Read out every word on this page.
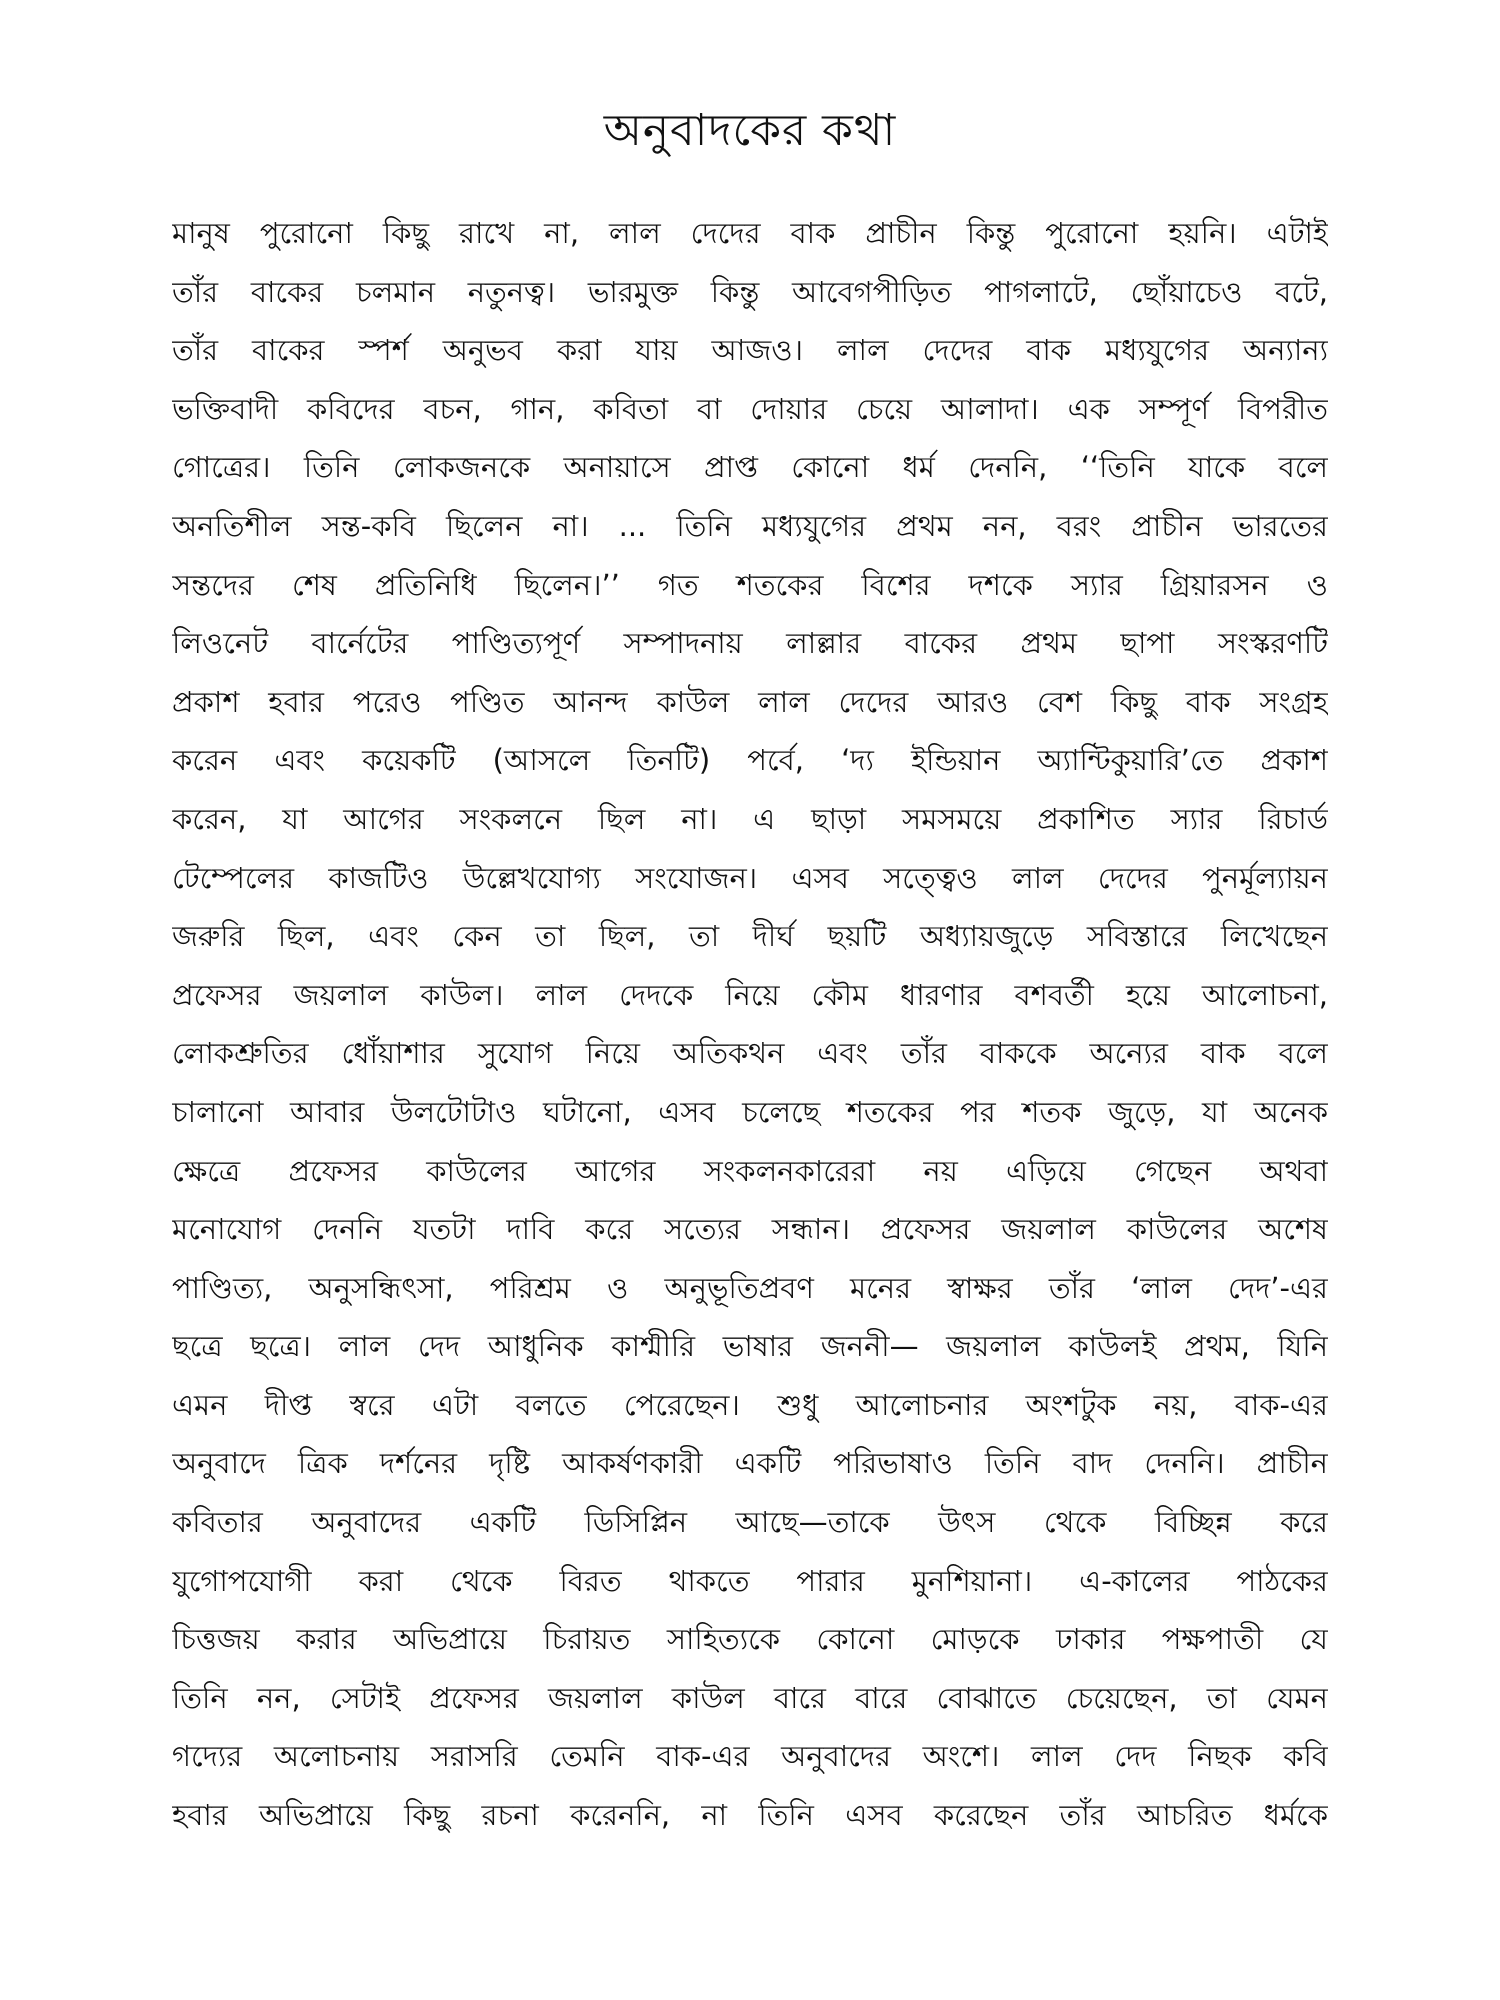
অনুবাদকের কথা
মানুষ পুরোনো কিছু রাখে না, লাল দেদের বাক প্রাচীন কিন্তু পুরোনো হয়নি। এটাই
তাঁর বাকের চলমান নতুনত্ব। ভারমুক্ত কিন্তু আবেগপীড়িত পাগলাটে, ছোঁয়াচেও বটে,
তাঁর বাকের স্পর্শ অনুভব করা যায় আজও। লাল দেদের বাক মধ্যযুগের অন্যান্য
ভক্তিবাদী কবিদের বচন, গান, কবিতা বা দোয়ার চেয়ে আলাদা। এক সম্পূর্ণ বিপরীত
গোত্রের। তিনি লোকজনকে অনায়াসে প্রাপ্ত কোনো ধর্ম দেননি, ‘‘তিনি যাকে বলে
অনতিশীল সন্ত-কবি ছিলেন না। ... তিনি মধ্যযুগের প্রথম নন, বরং প্রাচীন ভারতের
সন্তদের শেষ প্রতিনিধি ছিলেন।’’ গত শতকের বিশের দশকে স্যার গ্রিয়ারসন ও
লিওনেট বার্নেটের পাণ্ডিত্যপূর্ণ সম্পাদনায় লাল্লার বাকের প্রথম ছাপা সংস্করণটি
প্রকাশ হবার পরেও পণ্ডিত আনন্দ কাউল লাল দেদের আরও বেশ কিছু বাক সংগ্রহ
করেন এবং কয়েকটি (আসলে তিনটি) পর্বে, ‘দ্য ইন্ডিয়ান অ্যান্টিকুয়ারি’তে প্রকাশ
করেন, যা আগের সংকলনে ছিল না। এ ছাড়া সমসময়ে প্রকাশিত স্যার রিচার্ড
টেম্পেলের কাজটিও উল্লেখযোগ্য সংযোজন। এসব সত্ত্বেও লাল দেদের পুনর্মূল্যায়ন
জরুরি ছিল, এবং কেন তা ছিল, তা দীর্ঘ ছয়টি অধ্যায়জুড়ে সবিস্তারে লিখেছেন
প্রফেসর জয়লাল কাউল। লাল দেদকে নিয়ে কৌম ধারণার বশবর্তী হয়ে আলোচনা,
লোকশ্রুতির ধোঁয়াশার সুযোগ নিয়ে অতিকথন এবং তাঁর বাককে অন্যের বাক বলে
চালানো আবার উলটোটাও ঘটানো, এসব চলেছে শতকের পর শতক জুড়ে, যা অনেক
ক্ষেত্রে প্রফেসর কাউলের আগের সংকলনকারেরা নয় এড়িয়ে গেছেন অথবা
মনোযোগ দেননি যতটা দাবি করে সত্যের সন্ধান। প্রফেসর জয়লাল কাউলের অশেষ
পাণ্ডিত্য, অনুসন্ধিৎসা, পরিশ্রম ও অনুভূতিপ্রবণ মনের স্বাক্ষর তাঁর ‘লাল দেদ’-এর
ছত্রে ছত্রে। লাল দেদ আধুনিক কাশ্মীরি ভাষার জননী— জয়লাল কাউলই প্রথম, যিনি
এমন দীপ্ত স্বরে এটা বলতে পেরেছেন। শুধু আলোচনার অংশটুক নয়, বাক-এর
অনুবাদে ত্রিক দর্শনের দৃষ্টি আকর্ষণকারী একটি পরিভাষাও তিনি বাদ দেননি। প্রাচীন
কবিতার অনুবাদের একটি ডিসিপ্লিন আছে—তাকে উৎস থেকে বিচ্ছিন্ন করে
যুগোপযোগী করা থেকে বিরত থাকতে পারার মুনশিয়ানা। এ-কালের পাঠকের
চিত্তজয় করার অভিপ্রায়ে চিরায়ত সাহিত্যকে কোনো মোড়কে ঢাকার পক্ষপাতী যে
তিনি নন, সেটাই প্রফেসর জয়লাল কাউল বারে বারে বোঝাতে চেয়েছেন, তা যেমন
গদ্যের অলোচনায় সরাসরি তেমনি বাক-এর অনুবাদের অংশে। লাল দেদ নিছক কবি
হবার অভিপ্রায়ে কিছু রচনা করেননি, না তিনি এসব করেছেন তাঁর আচরিত ধর্মকে
